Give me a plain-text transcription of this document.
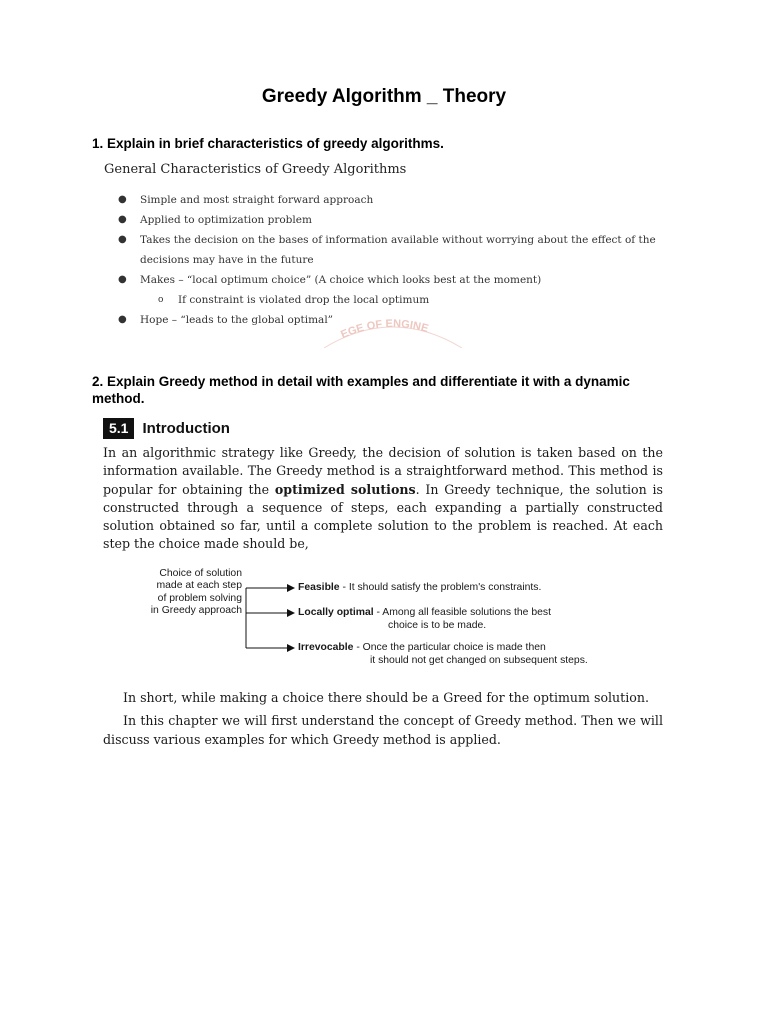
Greedy Algorithm _ Theory
1. Explain in brief characteristics of greedy algorithms.
General Characteristics of Greedy Algorithms
● Simple and most straight forward approach
● Applied to optimization problem
● Takes the decision on the bases of information available without worrying about the effect of the decisions may have in the future
● Makes – “local optimum choice” (A choice which looks best at the moment)
o If constraint is violated drop the local optimum
● Hope – “leads to the global optimal”
EGE OF ENGINE
2. Explain Greedy method in detail with examples and differentiate it with a dynamic method.
5.1 Introduction

In an algorithmic strategy like Greedy, the decision of solution is taken based on the information available. The Greedy method is a straightforward method. This method is popular for obtaining the optimized solutions. In Greedy technique, the solution is constructed through a sequence of steps, each expanding a partially constructed solution obtained so far, until a complete solution to the problem is reached. At each step the choice made should be,

Choice of solution made at each step of problem solving in Greedy approach
Feasible - It should satisfy the problem's constraints.
Locally optimal - Among all feasible solutions the best
choice is to be made.
Irrevocable - Once the particular choice is made then
it should not get changed on subsequent steps.

In short, while making a choice there should be a Greed for the optimum solution.

In this chapter we will first understand the concept of Greedy method. Then we will discuss various examples for which Greedy method is applied.
